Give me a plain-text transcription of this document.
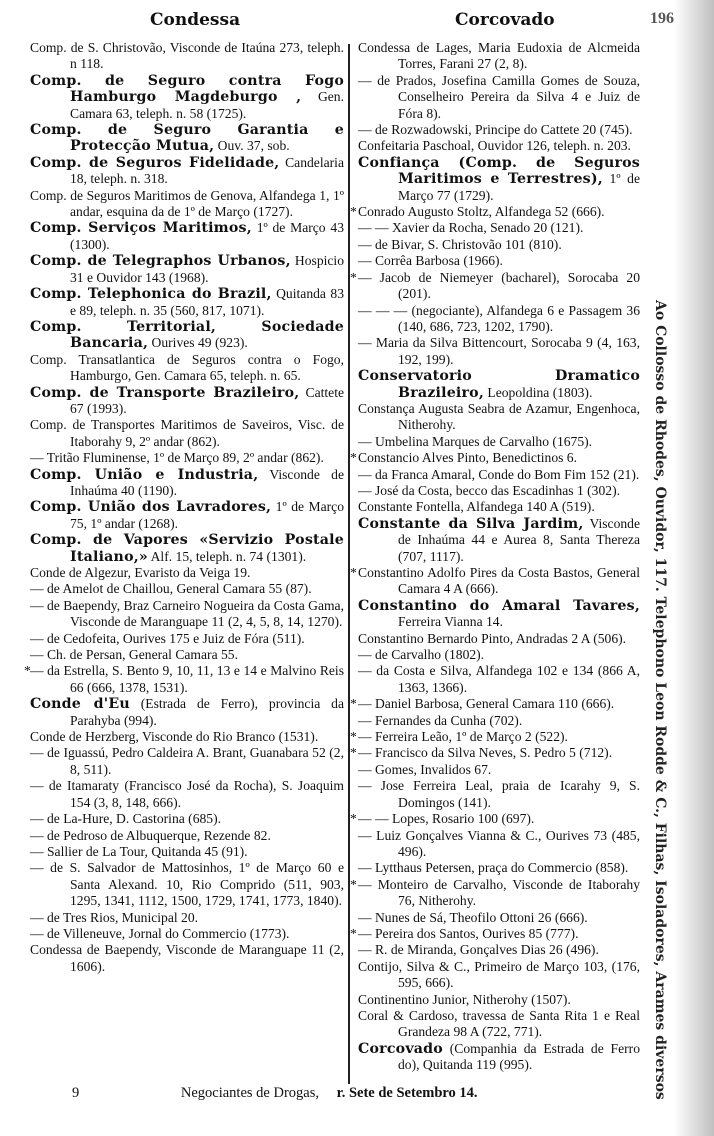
Condessa	Corcovado	196

Comp. de S. Christovão, Visconde de Itaúna 273, teleph. n 118.

Comp. de Seguro contra Fogo Hamburgo Magdeburgo , Gen. Camara 63, teleph. n. 58 (1725).

Comp. de Seguro Garantia e Protecção Mutua, Ouv. 37, sob.

Comp. de Seguros Fidelidade, Candelaria 18, teleph. n. 318.

Comp. de Seguros Maritimos de Genova, Alfandega 1, 1º andar, esquina da de 1º de Março (1727).

Comp. Serviços Maritimos, 1º de Março 43 (1300).

Comp. de Telegraphos Urbanos, Hospicio 31 e Ouvidor 143 (1968).

Comp. Telephonica do Brazil, Quitanda 83 e 89, teleph. n. 35 (560, 817, 1071).

Comp. Territorial, Sociedade Bancaria, Ourives 49 (923).

Comp. Transatlantica de Seguros contra o Fogo, Hamburgo, Gen. Camara 65, teleph. n. 65.

Comp. de Transporte Brazileiro, Cattete 67 (1993).

Comp. de Transportes Maritimos de Saveiros, Visc. de Itaborahy 9, 2º andar (862).

— Tritão Fluminense, 1º de Março 89, 2º andar (862).

Comp. União e Industria, Visconde de Inhaúma 40 (1190).

Comp. União dos Lavradores, 1º de Março 75, 1º andar (1268).

Comp. de Vapores «Servizio Postale Italiano,» Alf. 15, teleph. n. 74 (1301).

Conde de Algezur, Evaristo da Veiga 19.

— de Amelot de Chaillou, General Camara 55 (87).

— de Baependy, Braz Carneiro Nogueira da Costa Gama, Visconde de Maranguape 11 (2, 4, 5, 8, 14, 1270).

— de Cedofeita, Ourives 175 e Juiz de Fóra (511).

— Ch. de Persan, General Camara 55.

* — da Estrella, S. Bento 9, 10, 11, 13 e 14 e Malvino Reis 66 (666, 1378, 1531).

Conde d'Eu (Estrada de Ferro), provincia da Parahyba (994).

Conde de Herzberg, Visconde do Rio Branco (1531).

— de Iguassú, Pedro Caldeira A. Brant, Guanabara 52 (2, 8, 511).

— de Itamaraty (Francisco José da Rocha), S. Joaquim 154 (3, 8, 148, 666).

— de La-Hure, D. Castorina (685).

— de Pedroso de Albuquerque, Rezende 82.

— Sallier de La Tour, Quitanda 45 (91).

— de S. Salvador de Mattosinhos, 1º de Março 60 e Santa Alexand. 10, Rio Comprido (511, 903, 1295, 1341, 1112, 1500, 1729, 1741, 1773, 1840).

— de Tres Rios, Municipal 20.

— de Villeneuve, Jornal do Commercio (1773).

Condessa de Baependy, Visconde de Maranguape 11 (2, 1606).

Condessa de Lages, Maria Eudoxia de Alcmeida Torres, Farani 27 (2, 8).

— de Prados, Josefina Camilla Gomes de Souza, Conselheiro Pereira da Silva 4 e Juiz de Fóra 8).

— de Rozwadowski, Principe do Cattete 20 (745).

Confeitaria Paschoal, Ouvidor 126, teleph. n. 203.

Confiança (Comp. de Seguros Maritimos e Terrestres), 1º de Março 77 (1729).

* Conrado Augusto Stoltz, Alfandega 52 (666).

— — Xavier da Rocha, Senado 20 (121).

— de Bivar, S. Christovão 101 (810).

— Corrêa Barbosa (1966).

* — Jacob de Niemeyer (bacharel), Sorocaba 20 (201).

— — — (negociante), Alfandega 6 e Passagem 36 (140, 686, 723, 1202, 1790).

— Maria da Silva Bittencourt, Sorocaba 9 (4, 163, 192, 199).

Conservatorio Dramatico Brazileiro, Leopoldina (1803).

Constança Augusta Seabra de Azamur, Engenhoca, Nitherohy.

— Umbelina Marques de Carvalho (1675).

* Constancio Alves Pinto, Benedictinos 6.

— da Franca Amaral, Conde do Bom Fim 152 (21).

— José da Costa, becco das Escadinhas 1 (302).

Constante Fontella, Alfandega 140 A (519).

Constante da Silva Jardim, Visconde de Inhaúma 44 e Aurea 8, Santa Thereza (707, 1117).

* Constantino Adolfo Pires da Costa Bastos, General Camara 4 A (666).

Constantino do Amaral Tavares, Ferreira Vianna 14.

Constantino Bernardo Pinto, Andradas 2 A (506).

— de Carvalho (1802).

— da Costa e Silva, Alfandega 102 e 134 (866 A, 1363, 1366).

* — Daniel Barbosa, General Camara 110 (666).

— Fernandes da Cunha (702).

* — Ferreira Leão, 1º de Março 2 (522).

* — Francisco da Silva Neves, S. Pedro 5 (712).

— Gomes, Invalidos 67.

— Jose Ferreira Leal, praia de Icarahy 9, S. Domingos (141).

* — — Lopes, Rosario 100 (697).

— Luiz Gonçalves Vianna & C., Ourives 73 (485, 496).

— Lytthaus Petersen, praça do Commercio (858).

* — Monteiro de Carvalho, Visconde de Itaborahy 76, Nitherohy.

— Nunes de Sá, Theofilo Ottoni 26 (666).

* — Pereira dos Santos, Ourives 85 (777).

— R. de Miranda, Gonçalves Dias 26 (496).

Contijo, Silva & C., Primeiro de Março 103, (176, 595, 666).

Continentino Junior, Nitherohy (1507).

Coral & Cardoso, travessa de Santa Rita 1 e Real Grandeza 98 A (722, 771).

Corcovado (Companhia da Estrada de Ferro do), Quitanda 119 (995).	Ao Collosso de Rhodes, Ouvidor, 117. Telephono Leon Rodde & C., Filhas, Isoladores, Arames diversos
9	Negociantes de Drogas, r. Sete de Setembro 14.
